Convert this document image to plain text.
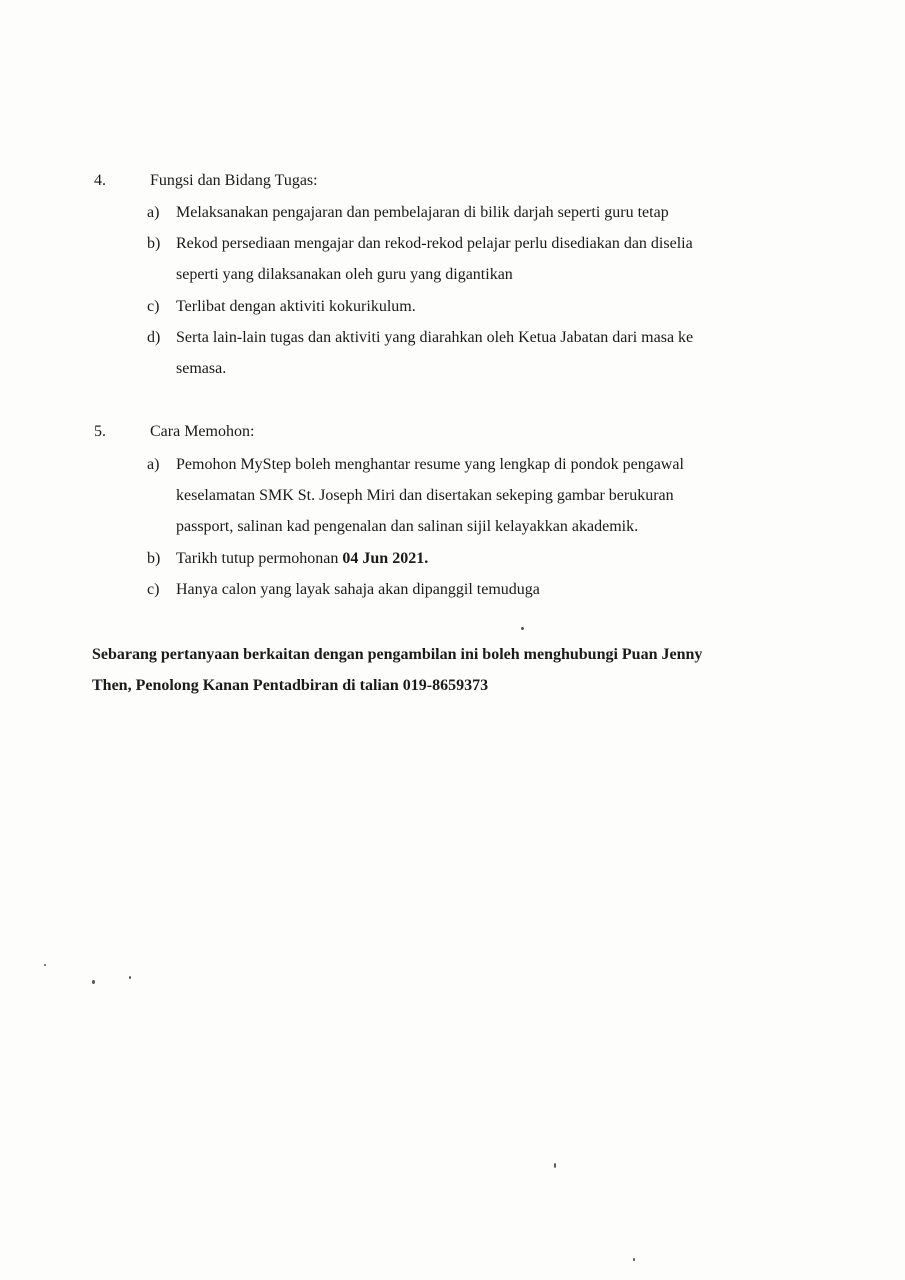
4.	Fungsi dan Bidang Tugas:
a) Melaksanakan pengajaran dan pembelajaran di bilik darjah seperti guru tetap
b) Rekod persediaan mengajar dan rekod-rekod pelajar perlu disediakan dan diselia
seperti yang dilaksanakan oleh guru yang digantikan
c) Terlibat dengan aktiviti kokurikulum.
d) Serta lain-lain tugas dan aktiviti yang diarahkan oleh Ketua Jabatan dari masa ke
semasa.
5.	Cara Memohon:
a) Pemohon MyStep boleh menghantar resume yang lengkap di pondok pengawal
keselamatan SMK St. Joseph Miri dan disertakan sekeping gambar berukuran
passport, salinan kad pengenalan dan salinan sijil kelayakkan akademik.
b) Tarikh tutup permohonan 04 Jun 2021.
c) Hanya calon yang layak sahaja akan dipanggil temuduga
Sebarang pertanyaan berkaitan dengan pengambilan ini boleh menghubungi Puan Jenny
Then, Penolong Kanan Pentadbiran di talian 019-8659373
